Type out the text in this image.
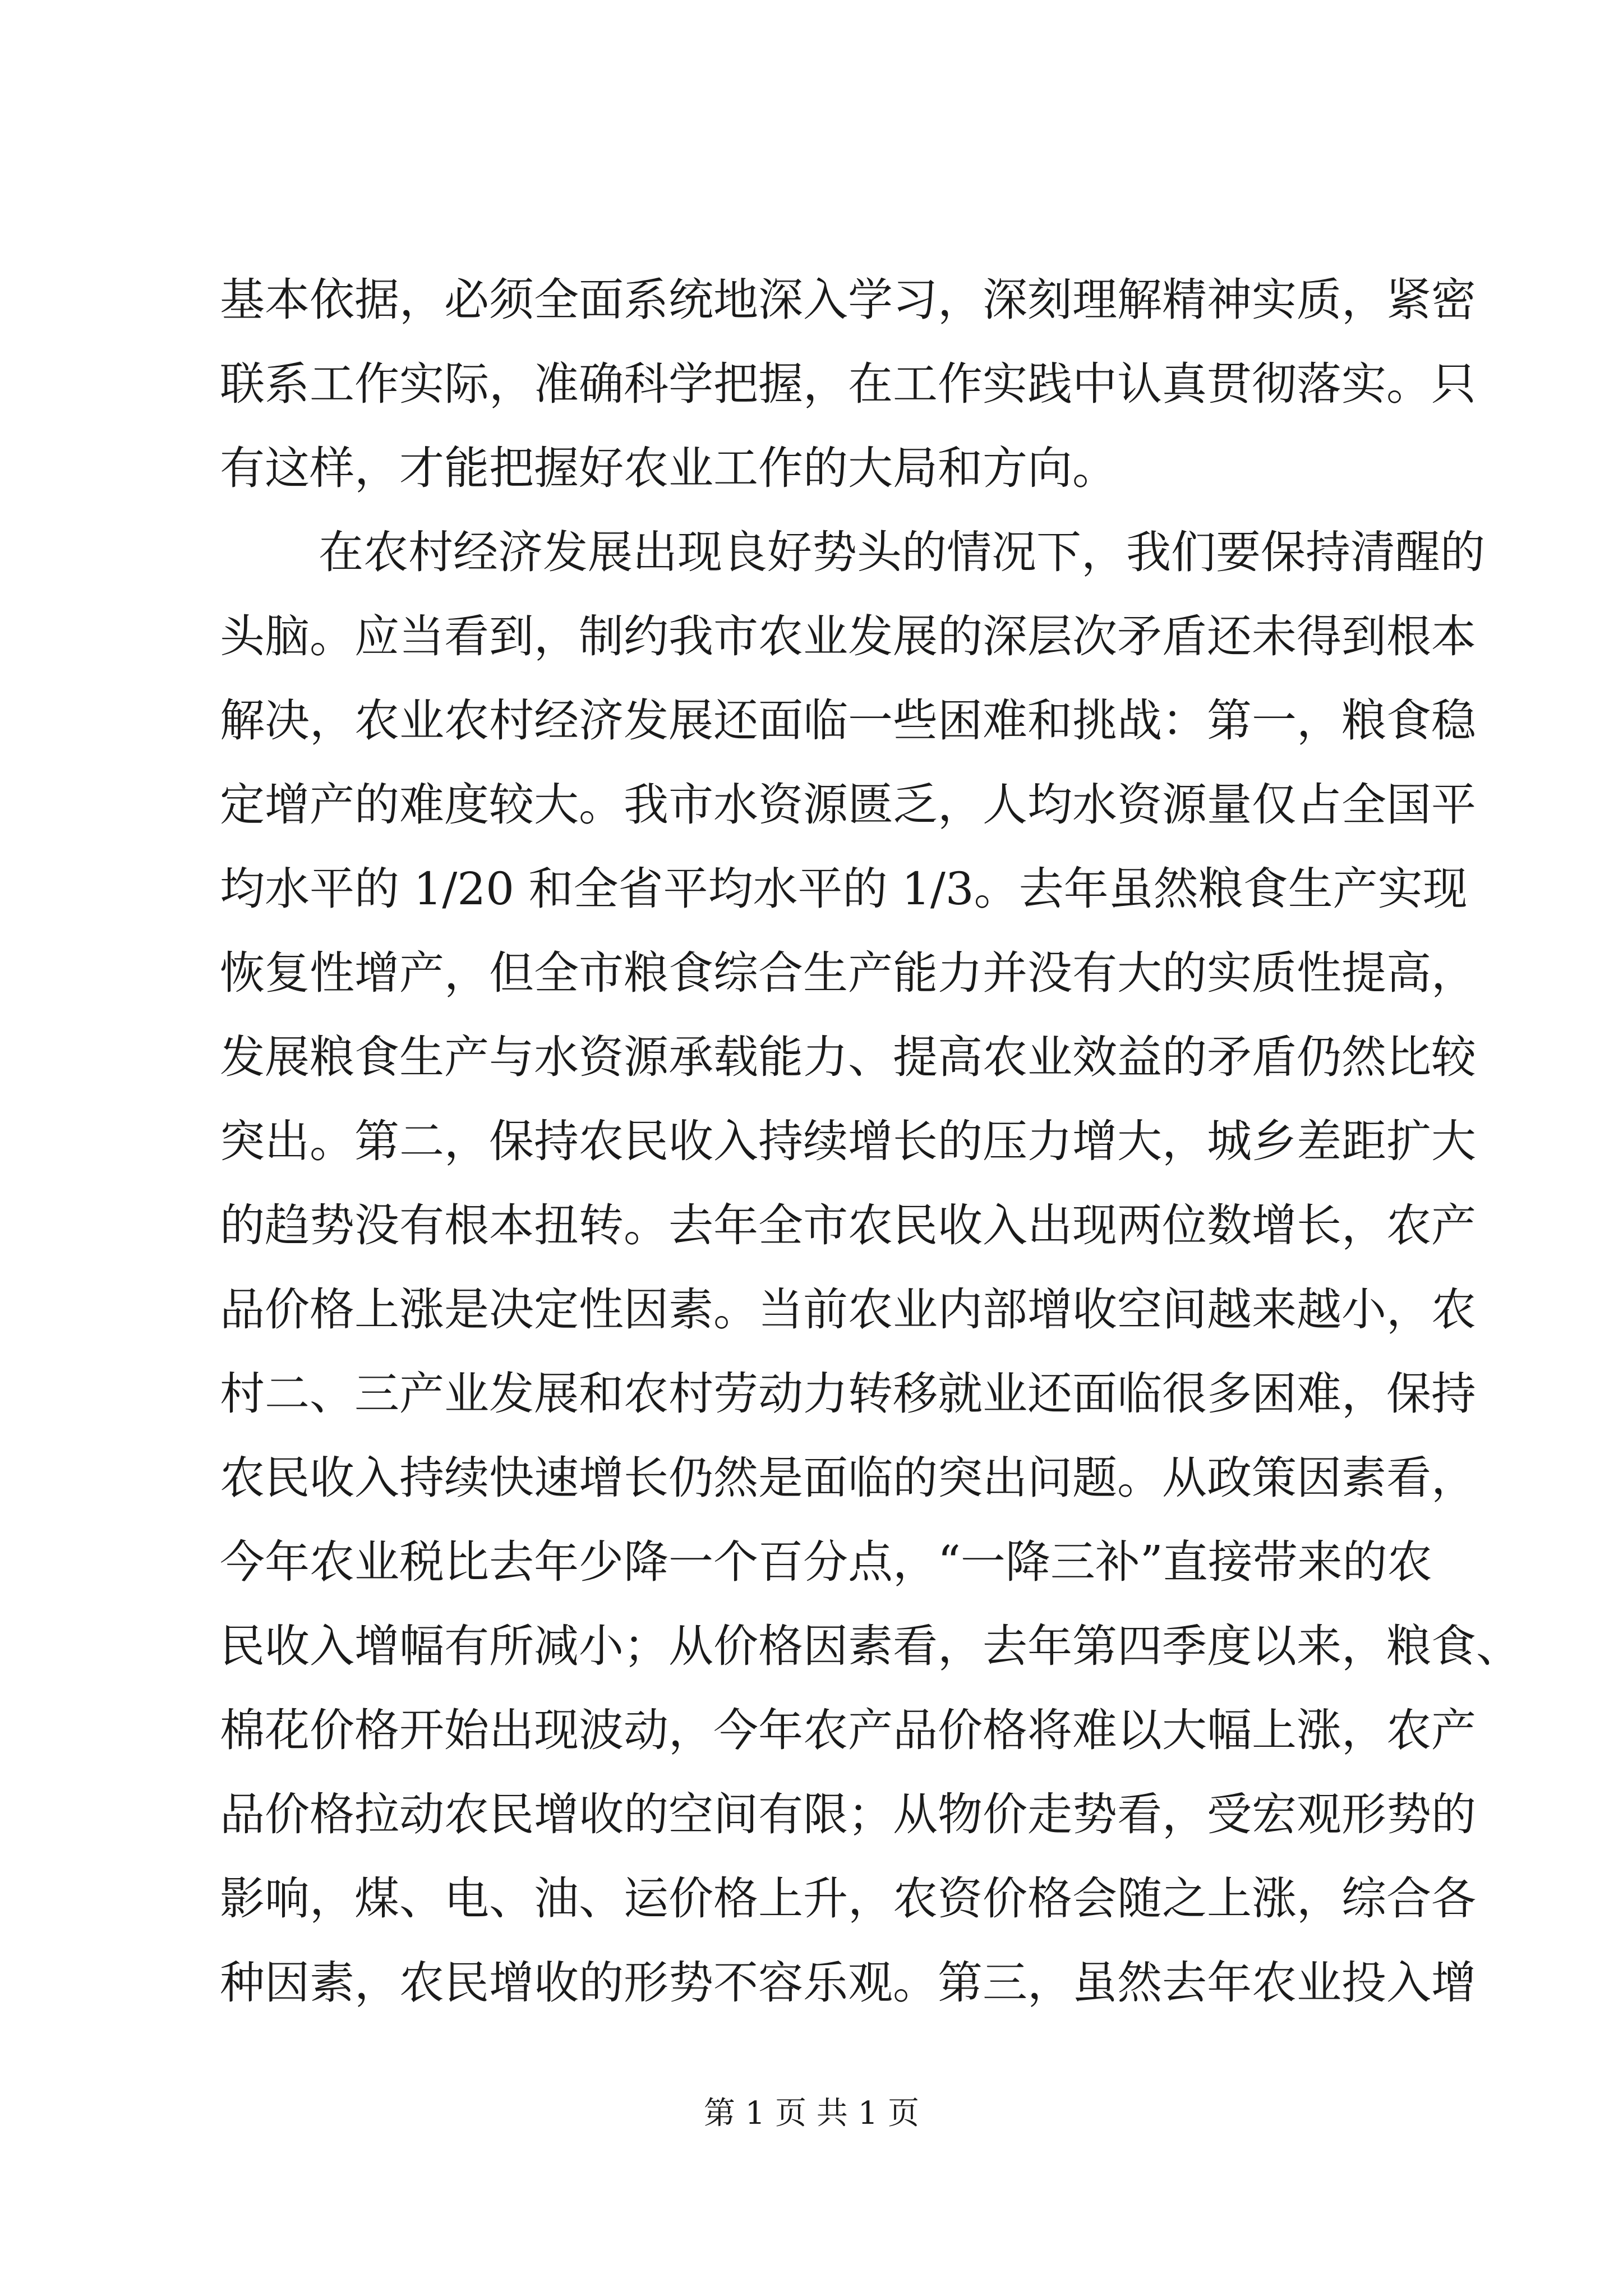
基本依据，必须全面系统地深入学习，深刻理解精神实质，紧密
联系工作实际，准确科学把握，在工作实践中认真贯彻落实。只
有这样，才能把握好农业工作的大局和方向。
在农村经济发展出现良好势头的情况下，我们要保持清醒的
头脑。应当看到，制约我市农业发展的深层次矛盾还未得到根本
解决，农业农村经济发展还面临一些困难和挑战：第一，粮食稳
定增产的难度较大。我市水资源匮乏，人均水资源量仅占全国平
均水平的 1/20 和全省平均水平的 1/3。去年虽然粮食生产实现
恢复性增产，但全市粮食综合生产能力并没有大的实质性提高，
发展粮食生产与水资源承载能力、提高农业效益的矛盾仍然比较
突出。第二，保持农民收入持续增长的压力增大，城乡差距扩大
的趋势没有根本扭转。去年全市农民收入出现两位数增长，农产
品价格上涨是决定性因素。当前农业内部增收空间越来越小，农
村二、三产业发展和农村劳动力转移就业还面临很多困难，保持
农民收入持续快速增长仍然是面临的突出问题。从政策因素看，
今年农业税比去年少降一个百分点，“一降三补”直接带来的农
民收入增幅有所减小；从价格因素看，去年第四季度以来，粮食、
棉花价格开始出现波动，今年农产品价格将难以大幅上涨，农产
品价格拉动农民增收的空间有限；从物价走势看，受宏观形势的
影响，煤、电、油、运价格上升，农资价格会随之上涨，综合各
种因素，农民增收的形势不容乐观。第三，虽然去年农业投入增
第 1 页 共 1 页
